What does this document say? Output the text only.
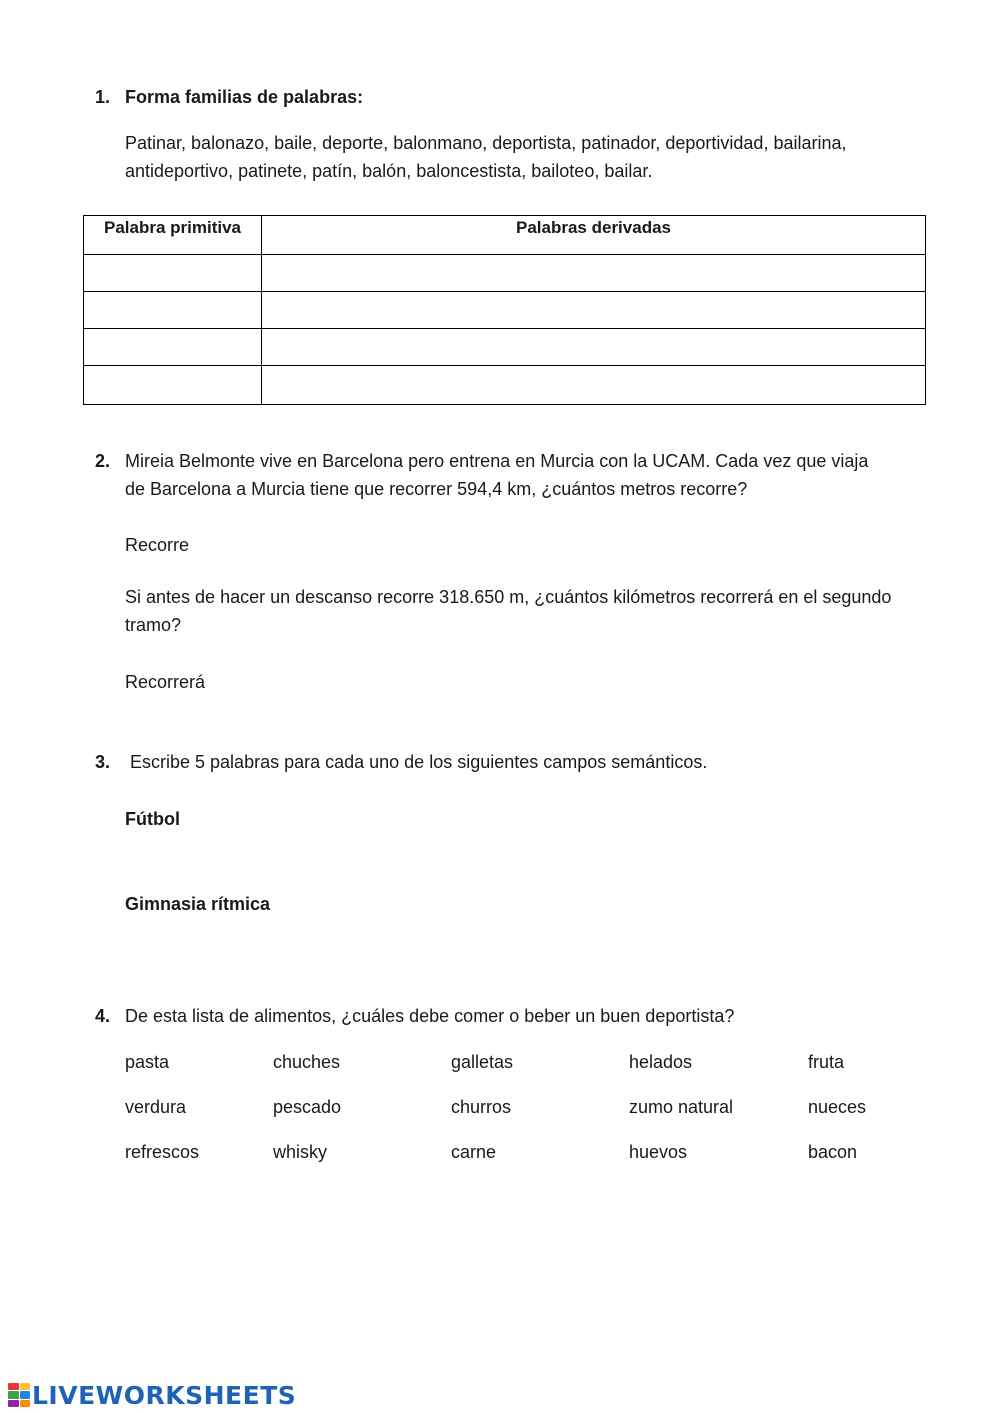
1. Forma familias de palabras:
Patinar, balonazo, baile, deporte, balonmano, deportista, patinador, deportividad, bailarina,
antideportivo, patinete, patín, balón, baloncestista, bailoteo, bailar.
Palabra primitiva	Palabras derivadas

2. Mireia Belmonte vive en Barcelona pero entrena en Murcia con la UCAM. Cada vez que viaja
de Barcelona a Murcia tiene que recorrer 594,4 km, ¿cuántos metros recorre?
Recorre
Si antes de hacer un descanso recorre 318.650 m, ¿cuántos kilómetros recorrerá en el segundo
tramo?
Recorrerá
3. Escribe 5 palabras para cada uno de los siguientes campos semánticos.
Fútbol
Gimnasia rítmica
4. De esta lista de alimentos, ¿cuáles debe comer o beber un buen deportista?
pasta	chuches	galletas	helados	fruta
verdura	pescado	churros	zumo natural	nueces
refrescos	whisky	carne	huevos	bacon
LIVEWORKSHEETS
